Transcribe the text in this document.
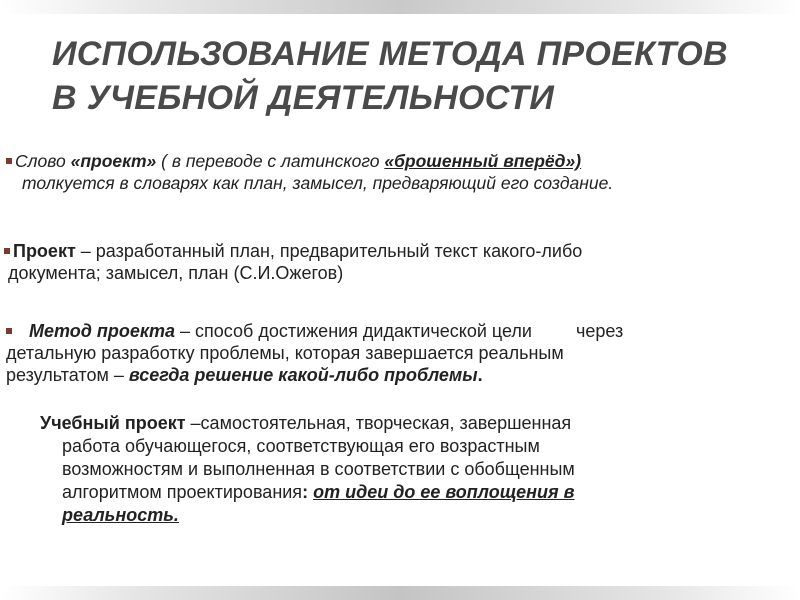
ИСПОЛЬЗОВАНИЕ МЕТОДА ПРОЕКТОВ
В УЧЕБНОЙ ДЕЯТЕЛЬНОСТИ
Слово «проект» ( в переводе с латинского «брошенный вперёд»)
толкуется в словарях как план, замысел, предваряющий его создание.
Проект – разработанный план, предварительный текст какого-либо
документа; замысел, план (С.И.Ожегов)
Метод проекта – способ достижения дидактической цели через
детальную разработку проблемы, которая завершается реальным
результатом – всегда решение какой-либо проблемы.
Учебный проект –самостоятельная, творческая, завершенная
работа обучающегося, соответствующая его возрастным
возможностям и выполненная в соответствии с обобщенным
алгоритмом проектирования: от идеи до ее воплощения в
реальность.
